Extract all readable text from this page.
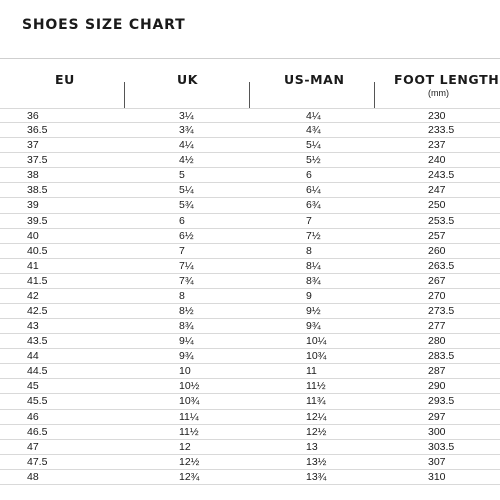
SHOES SIZE CHART
EU	UK	US-MAN	FOOT LENGTH
(mm)
36	3¼	4¼	230
36.5	3¾	4¾	233.5
37	4¼	5¼	237
37.5	4½	5½	240
38	5	6	243.5
38.5	5¼	6¼	247
39	5¾	6¾	250
39.5	6	7	253.5
40	6½	7½	257
40.5	7	8	260
41	7¼	8¼	263.5
41.5	7¾	8¾	267
42	8	9	270
42.5	8½	9½	273.5
43	8¾	9¾	277
43.5	9¼	10¼	280
44	9¾	10¾	283.5
44.5	10	11	287
45	10½	11½	290
45.5	10¾	11¾	293.5
46	11¼	12¼	297
46.5	11½	12½	300
47	12	13	303.5
47.5	12½	13½	307
48	12¾	13¾	310
